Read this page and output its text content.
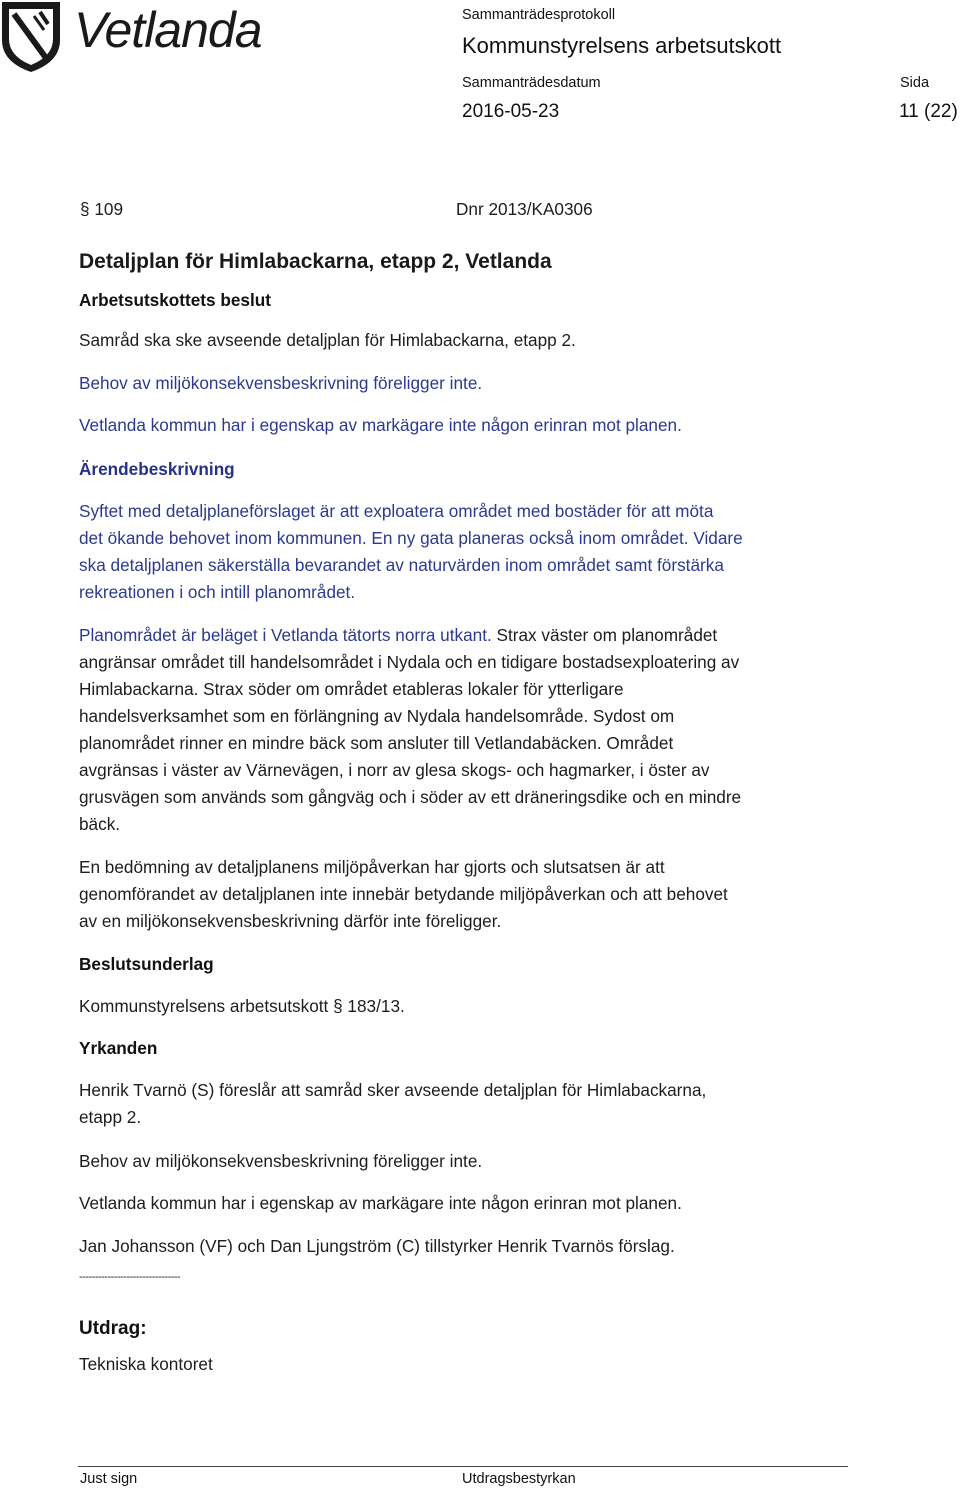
Vetlanda	Sammanträdesprotokoll
Kommunstyrelsens arbetsutskott
Sammanträdesdatum	Sida
2016-05-23	11 (22)
§ 109	Dnr 2013/KA0306
Detaljplan för Himlabackarna, etapp 2, Vetlanda
Arbetsutskottets beslut
Samråd ska ske avseende detaljplan för Himlabackarna, etapp 2.
Behov av miljökonsekvensbeskrivning föreligger inte.
Vetlanda kommun har i egenskap av markägare inte någon erinran mot planen.
Ärendebeskrivning
Syftet med detaljplaneförslaget är att exploatera området med bostäder för att möta
det ökande behovet inom kommunen. En ny gata planeras också inom området. Vidare
ska detaljplanen säkerställa bevarandet av naturvärden inom området samt förstärka
rekreationen i och intill planområdet.
Planområdet är beläget i Vetlanda tätorts norra utkant. Strax väster om planområdet
angränsar området till handelsområdet i Nydala och en tidigare bostadsexploatering av
Himlabackarna. Strax söder om området etableras lokaler för ytterligare
handelsverksamhet som en förlängning av Nydala handelsområde. Sydost om
planområdet rinner en mindre bäck som ansluter till Vetlandabäcken. Området
avgränsas i väster av Värnevägen, i norr av glesa skogs- och hagmarker, i öster av
grusvägen som används som gångväg och i söder av ett dräneringsdike och en mindre
bäck.
En bedömning av detaljplanens miljöpåverkan har gjorts och slutsatsen är att
genomförandet av detaljplanen inte innebär betydande miljöpåverkan och att behovet
av en miljökonsekvensbeskrivning därför inte föreligger.
Beslutsunderlag
Kommunstyrelsens arbetsutskott § 183/13.
Yrkanden
Henrik Tvarnö (S) föreslår att samråd sker avseende detaljplan för Himlabackarna,
etapp 2.
Behov av miljökonsekvensbeskrivning föreligger inte.
Vetlanda kommun har i egenskap av markägare inte någon erinran mot planen.
Jan Johansson (VF) och Dan Ljungström (C) tillstyrker Henrik Tvarnös förslag.
--------------------------------
Utdrag:
Tekniska kontoret
Just sign	Utdragsbestyrkan
